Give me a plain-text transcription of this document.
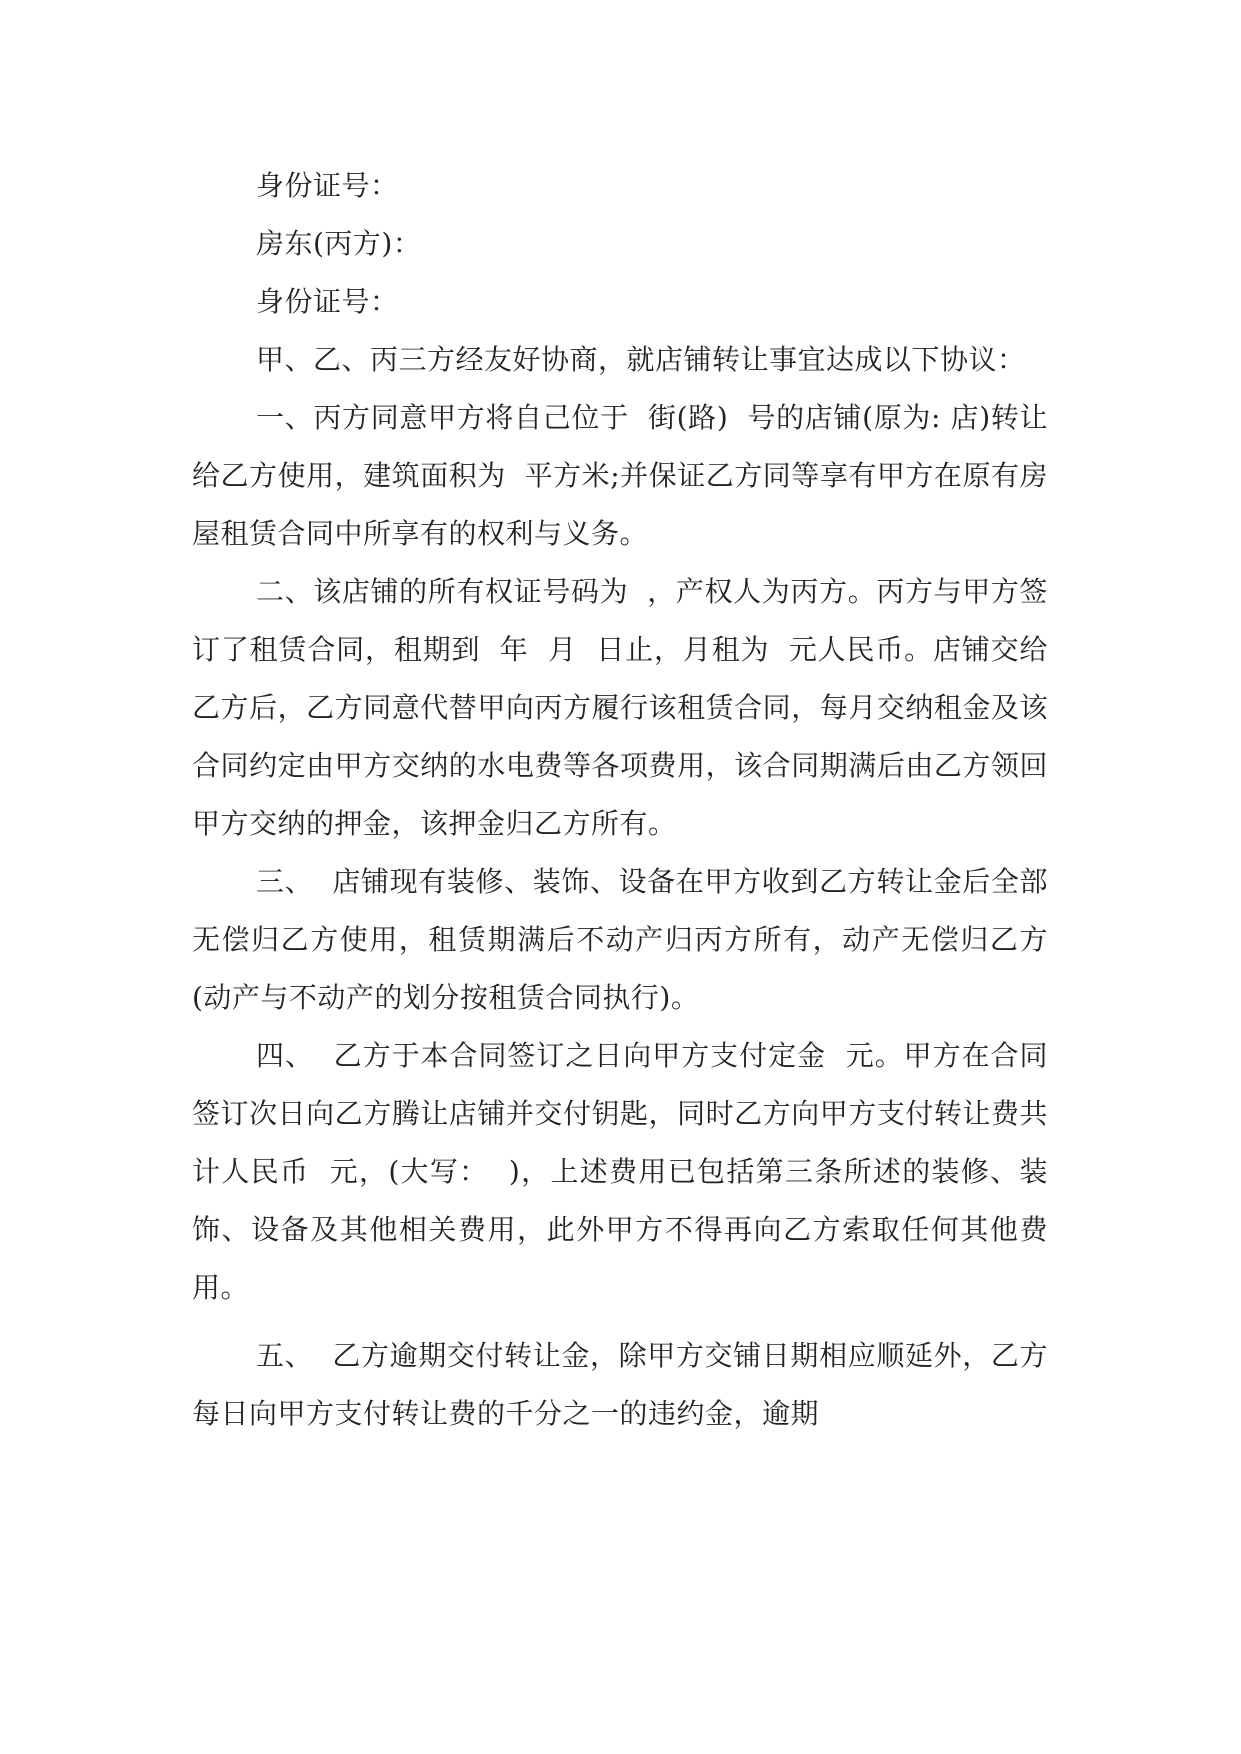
身份证号：

房东(丙方)：

身份证号：

甲、乙、丙三方经友好协商，就店铺转让事宜达成以下协议：

一、丙方同意甲方将自己位于  街(路)  号的店铺(原为: 店)转让给乙方使用，建筑面积为  平方米;并保证乙方同等享有甲方在原有房屋租赁合同中所享有的权利与义务。

二、该店铺的所有权证号码为  ，产权人为丙方。丙方与甲方签订了租赁合同，租期到  年  月  日止，月租为  元人民币。店铺交给乙方后，乙方同意代替甲向丙方履行该租赁合同，每月交纳租金及该合同约定由甲方交纳的水电费等各项费用，该合同期满后由乙方领回甲方交纳的押金，该押金归乙方所有。

三、  店铺现有装修、装饰、设备在甲方收到乙方转让金后全部无偿归乙方使用，租赁期满后不动产归丙方所有，动产无偿归乙方(动产与不动产的划分按租赁合同执行)。

四、  乙方于本合同签订之日向甲方支付定金  元。甲方在合同签订次日向乙方腾让店铺并交付钥匙，同时乙方向甲方支付转让费共计人民币  元，(大写：  )，上述费用已包括第三条所述的装修、装饰、设备及其他相关费用，此外甲方不得再向乙方索取任何其他费用。

五、  乙方逾期交付转让金，除甲方交铺日期相应顺延外，乙方每日向甲方支付转让费的千分之一的违约金，逾期
